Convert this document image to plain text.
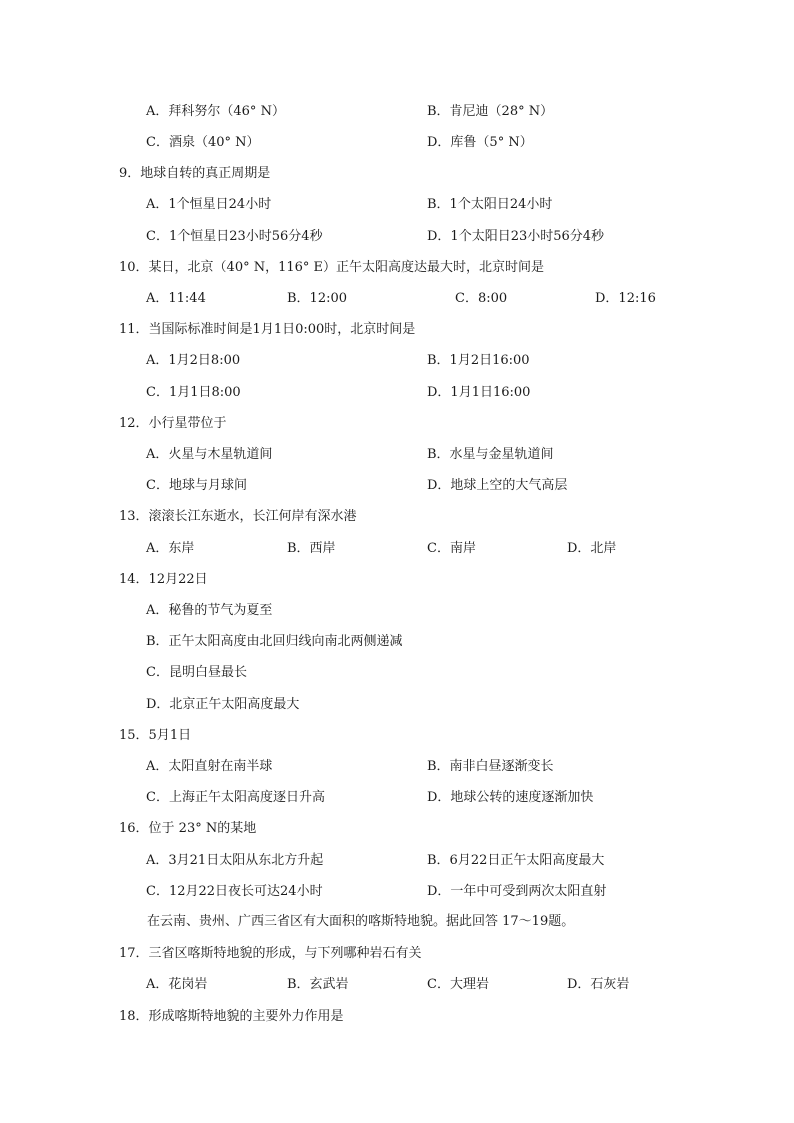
A．拜科努尔（46° N）	B．肯尼迪（28° N）
C．酒泉（40° N）	D．库鲁（5° N）
9．地球自转的真正周期是
A．1个恒星日24小时	B．1个太阳日24小时
C．1个恒星日23小时56分4秒	D．1个太阳日23小时56分4秒
10．某日，北京（40° N，116° E）正午太阳高度达最大时，北京时间是
A．11:44	B．12:00	C．8:00	D．12:16
11．当国际标准时间是1月1日0:00时，北京时间是
A．1月2日8:00	B．1月2日16:00
C．1月1日8:00	D．1月1日16:00
12．小行星带位于
A．火星与木星轨道间	B．水星与金星轨道间
C．地球与月球间	D．地球上空的大气高层
13．滚滚长江东逝水，长江何岸有深水港
A．东岸	B．西岸	C．南岸	D．北岸
14．12月22日
A．秘鲁的节气为夏至
B．正午太阳高度由北回归线向南北两侧递减
C．昆明白昼最长
D．北京正午太阳高度最大
15．5月1日
A．太阳直射在南半球	B．南非白昼逐渐变长
C．上海正午太阳高度逐日升高	D．地球公转的速度逐渐加快
16．位于 23° N的某地
A．3月21日太阳从东北方升起	B．6月22日正午太阳高度最大
C．12月22日夜长可达24小时	D．一年中可受到两次太阳直射
在云南、贵州、广西三省区有大面积的喀斯特地貌。据此回答 17～19题。
17．三省区喀斯特地貌的形成，与下列哪种岩石有关
A．花岗岩	B．玄武岩	C．大理岩	D．石灰岩
18．形成喀斯特地貌的主要外力作用是
